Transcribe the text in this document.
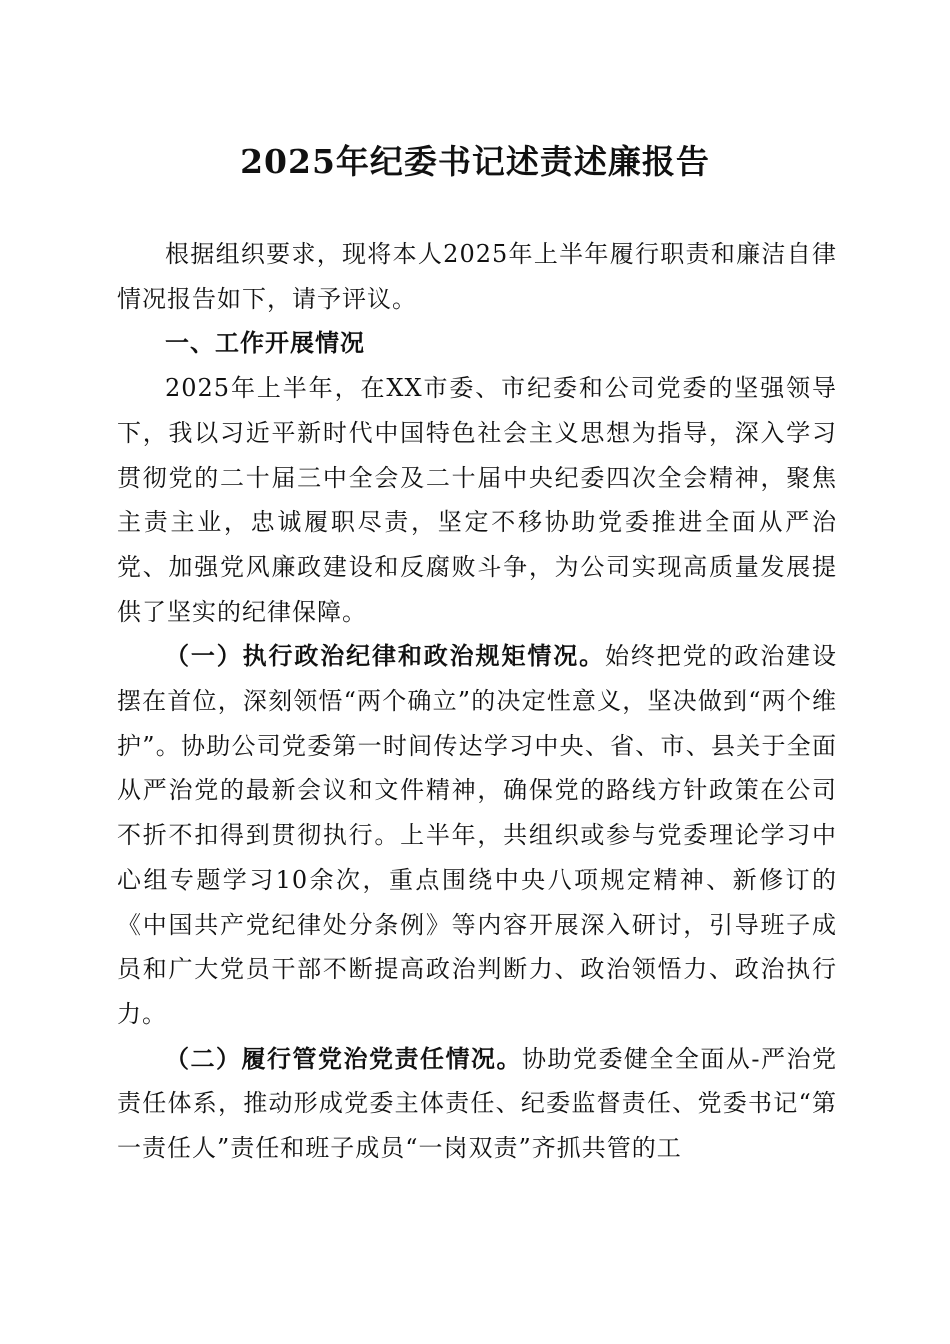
2025年纪委书记述责述廉报告

根据组织要求，现将本人2025年上半年履行职责和廉洁自律情况报告如下，请予评议。

一、工作开展情况

2025年上半年，在XX市委、市纪委和公司党委的坚强领导下，我以习近平新时代中国特色社会主义思想为指导，深入学习贯彻党的二十届三中全会及二十届中央纪委四次全会精神，聚焦主责主业，忠诚履职尽责，坚定不移协助党委推进全面从严治党、加强党风廉政建设和反腐败斗争，为公司实现高质量发展提供了坚实的纪律保障。

（一）执行政治纪律和政治规矩情况。始终把党的政治建设摆在首位，深刻领悟“两个确立”的决定性意义，坚决做到“两个维护”。协助公司党委第一时间传达学习中央、省、市、县关于全面从严治党的最新会议和文件精神，确保党的路线方针政策在公司不折不扣得到贯彻执行。上半年，共组织或参与党委理论学习中心组专题学习10余次，重点围绕中央八项规定精神、新修订的《中国共产党纪律处分条例》等内容开展深入研讨，引导班子成员和广大党员干部不断提高政治判断力、政治领悟力、政治执行力。

（二）履行管党治党责任情况。协助党委健全全面从-严治党责任体系，推动形成党委主体责任、纪委监督责任、党委书记“第一责任人”责任和班子成员“一岗双责”齐抓共管的工
